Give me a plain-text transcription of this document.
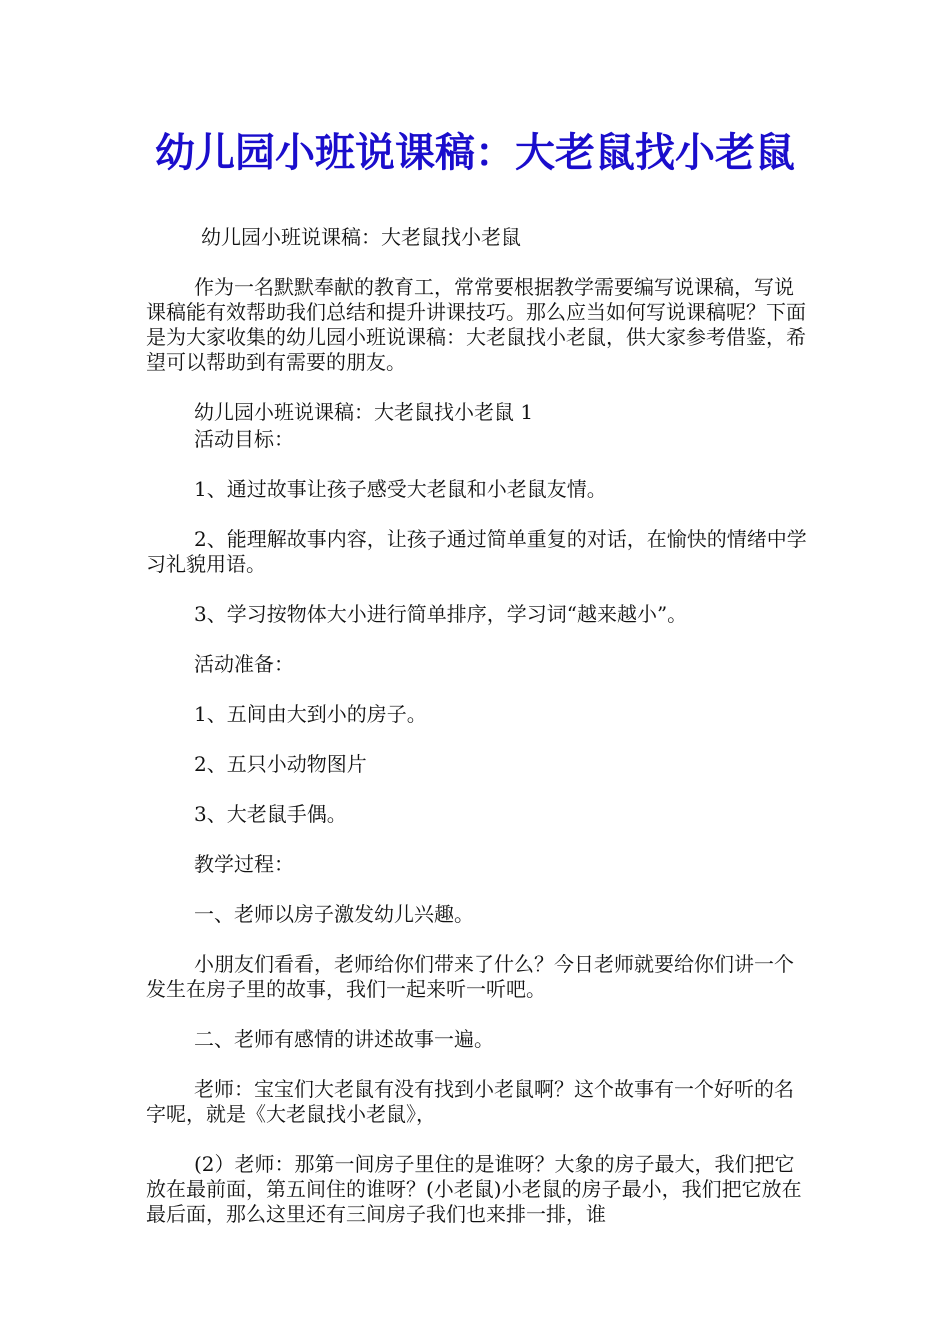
幼儿园小班说课稿：大老鼠找小老鼠

幼儿园小班说课稿：大老鼠找小老鼠

作为一名默默奉献的教育工，常常要根据教学需要编写说课稿，写说课稿能有效帮助我们总结和提升讲课技巧。那么应当如何写说课稿呢？下面是为大家收集的幼儿园小班说课稿：大老鼠找小老鼠，供大家参考借鉴，希望可以帮助到有需要的朋友。

幼儿园小班说课稿：大老鼠找小老鼠 1

活动目标：

1、通过故事让孩子感受大老鼠和小老鼠友情。

2、能理解故事内容，让孩子通过简单重复的对话，在愉快的情绪中学习礼貌用语。

3、学习按物体大小进行简单排序，学习词“越来越小”。

活动准备：

1、五间由大到小的房子。

2、五只小动物图片

3、大老鼠手偶。

教学过程：

一、老师以房子激发幼儿兴趣。

小朋友们看看，老师给你们带来了什么？今日老师就要给你们讲一个发生在房子里的故事，我们一起来听一听吧。

二、老师有感情的讲述故事一遍。

老师：宝宝们大老鼠有没有找到小老鼠啊？这个故事有一个好听的名字呢，就是《大老鼠找小老鼠》，

(2）老师：那第一间房子里住的是谁呀？大象的房子最大，我们把它放在最前面，第五间住的谁呀？(小老鼠)小老鼠的房子最小，我们把它放在最后面，那么这里还有三间房子我们也来排一排，谁
